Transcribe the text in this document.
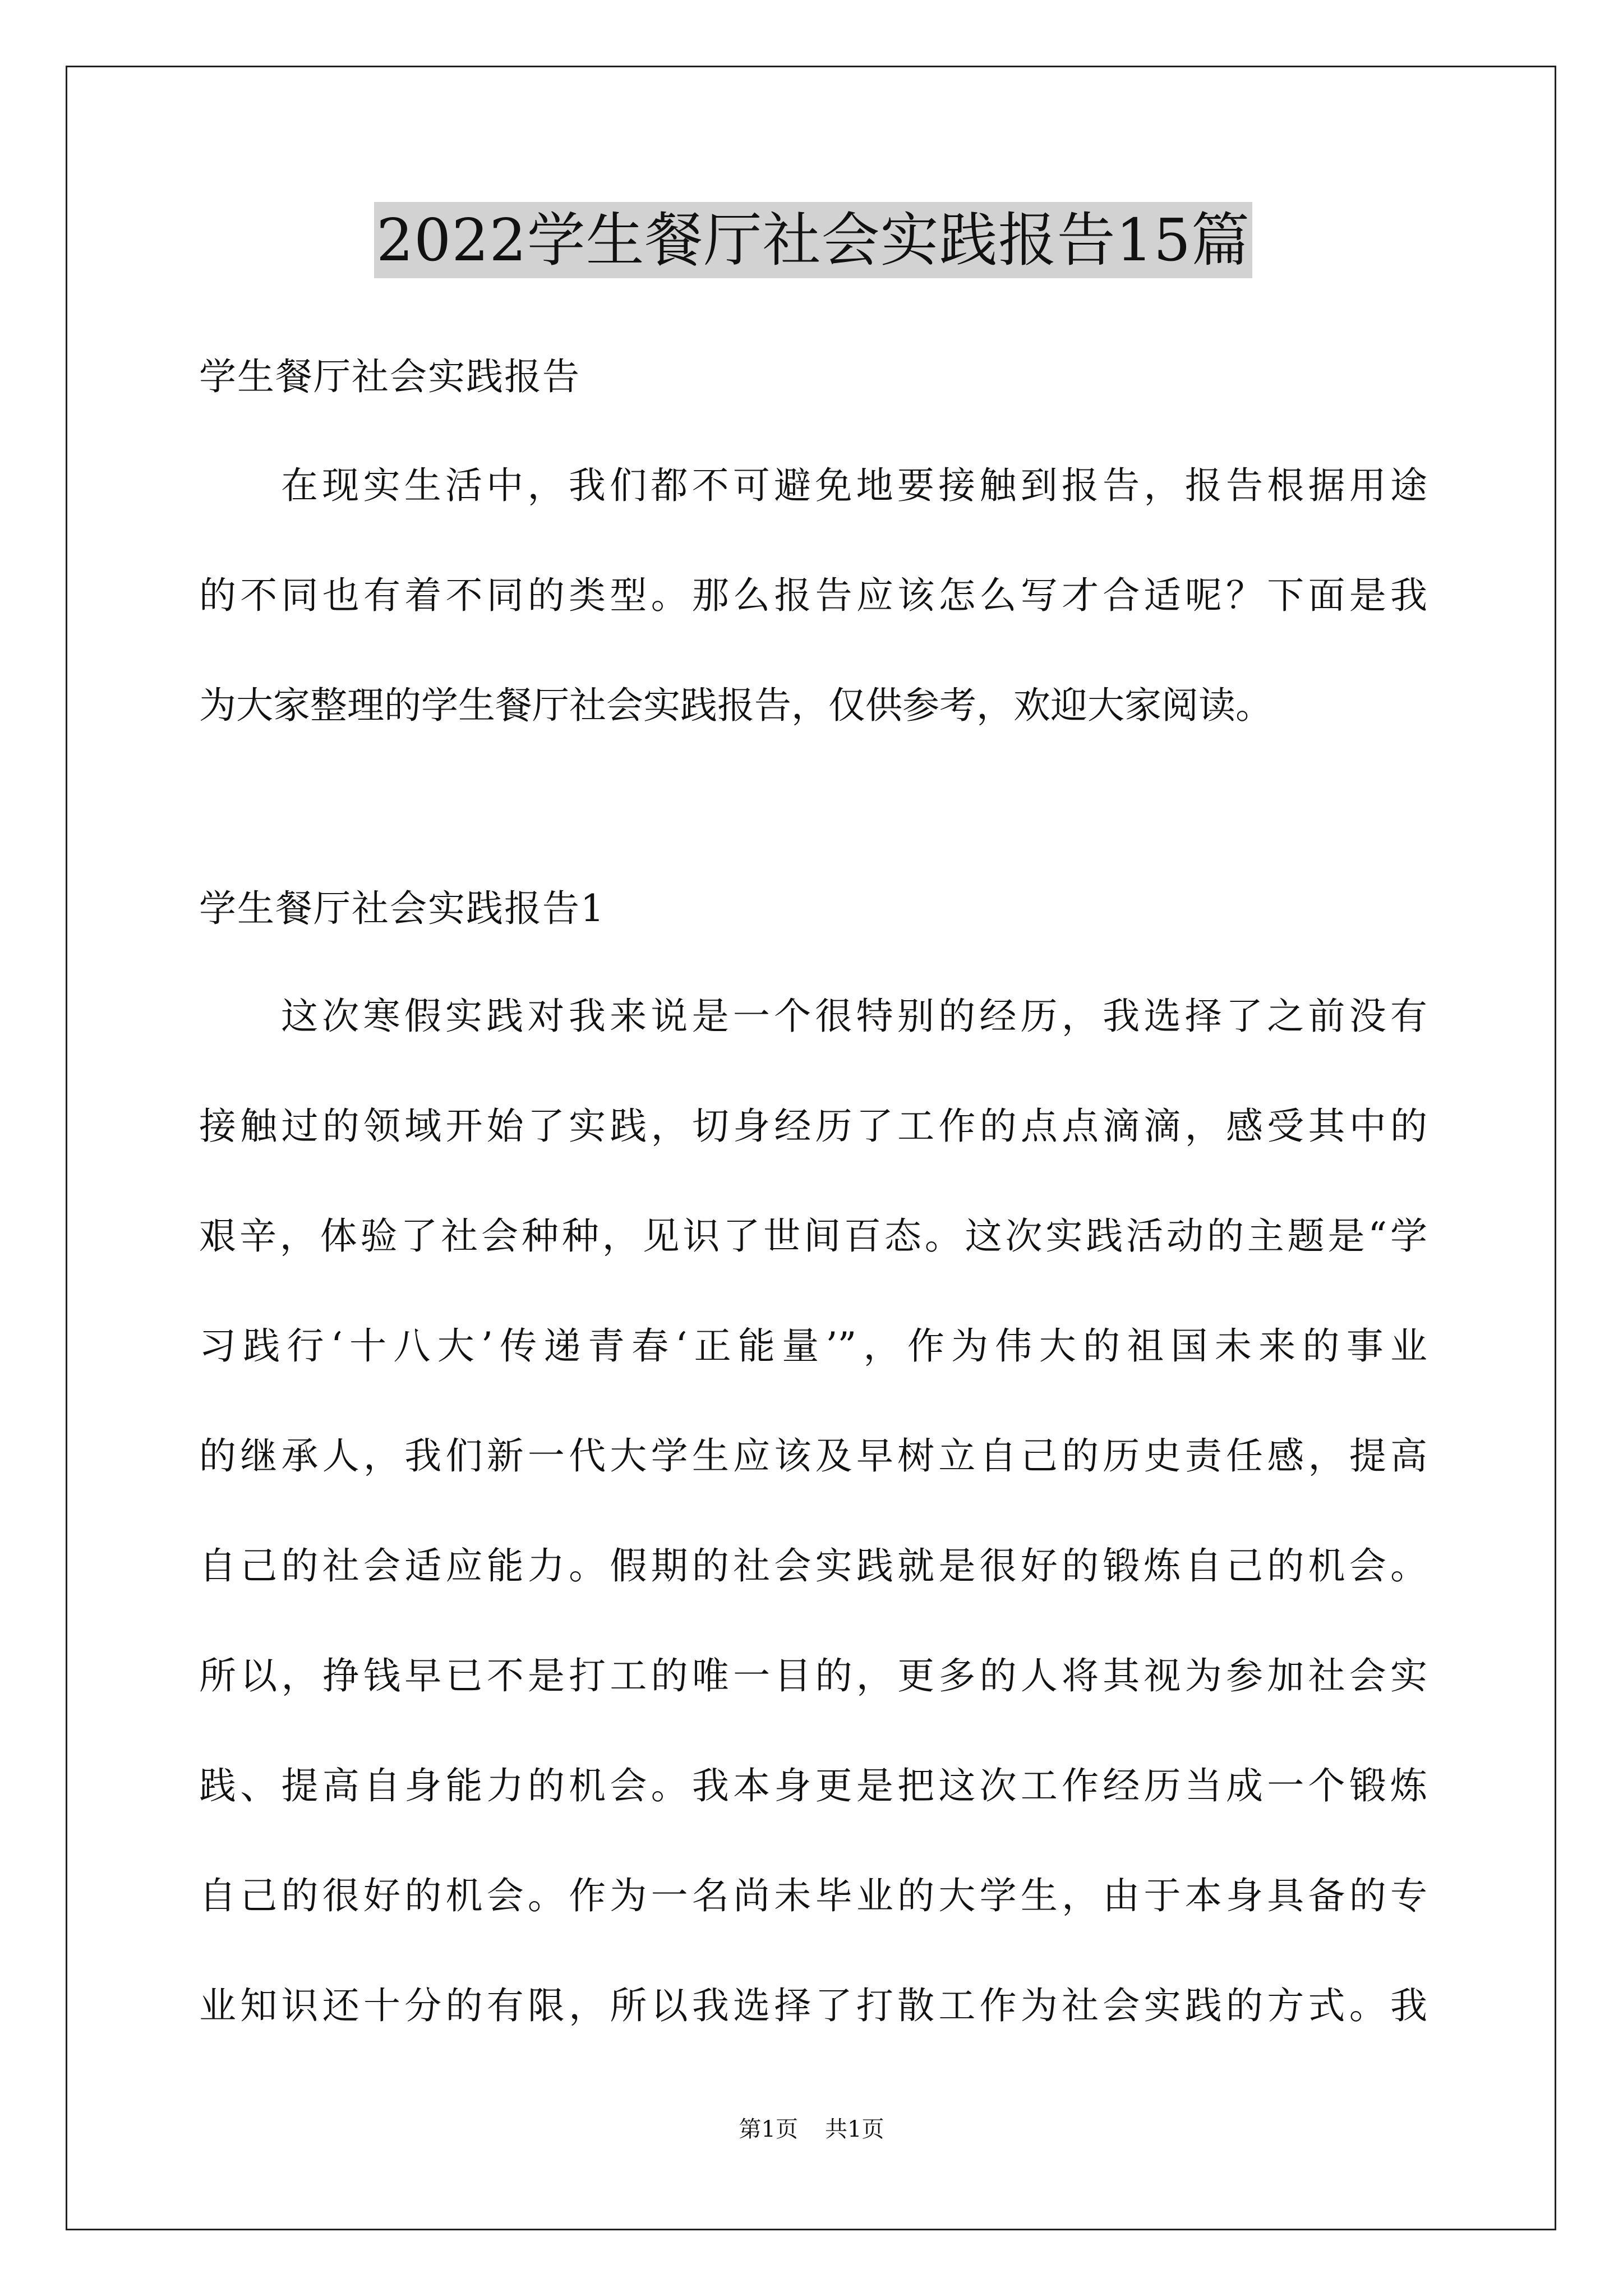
2022学生餐厅社会实践报告15篇
学生餐厅社会实践报告
在现实生活中，我们都不可避免地要接触到报告，报告根据用途
的不同也有着不同的类型。那么报告应该怎么写才合适呢？下面是我
为大家整理的学生餐厅社会实践报告，仅供参考，欢迎大家阅读。
学生餐厅社会实践报告1
这次寒假实践对我来说是一个很特别的经历，我选择了之前没有
接触过的领域开始了实践，切身经历了工作的点点滴滴，感受其中的
艰辛，体验了社会种种，见识了世间百态。这次实践活动的主题是“学
习践行‘十八大’传递青春‘正能量’”，作为伟大的祖国未来的事业
的继承人，我们新一代大学生应该及早树立自己的历史责任感，提高
自己的社会适应能力。假期的社会实践就是很好的锻炼自己的机会。
所以，挣钱早已不是打工的唯一目的，更多的人将其视为参加社会实
践、提高自身能力的机会。我本身更是把这次工作经历当成一个锻炼
自己的很好的机会。作为一名尚未毕业的大学生，由于本身具备的专
业知识还十分的有限，所以我选择了打散工作为社会实践的方式。我
第1页 共1页
